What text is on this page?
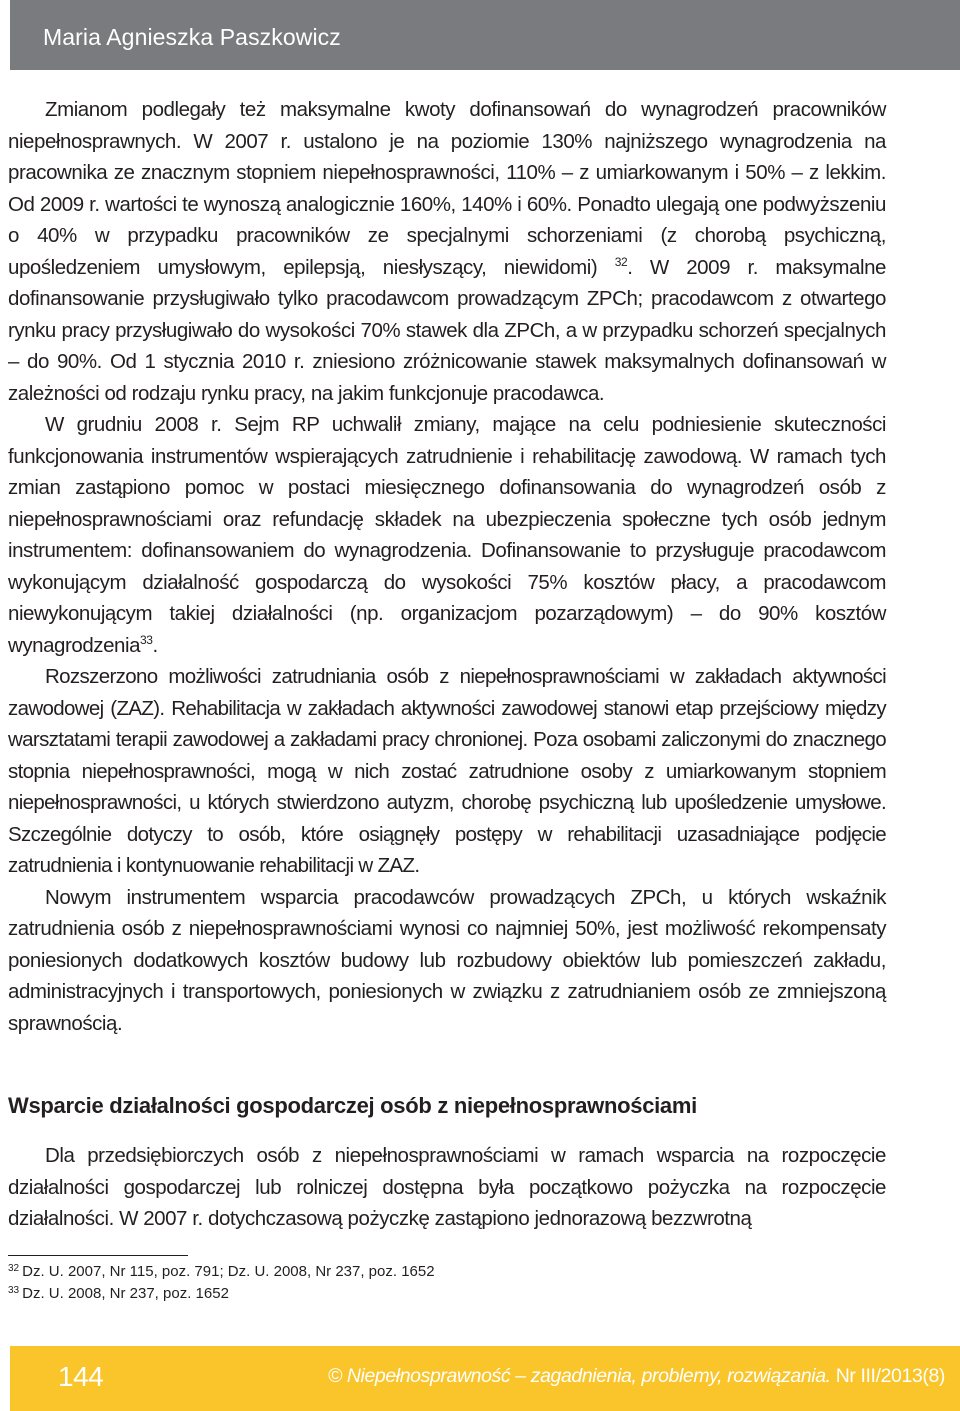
Maria Agnieszka Paszkowicz

Zmianom podlegały też maksymalne kwoty dofinansowań do wynagrodzeń pracowników niepełnosprawnych. W 2007 r. ustalono je na poziomie 130% najniższego wynagrodzenia na pracownika ze znacznym stopniem niepełnosprawności, 110% – z umiarkowanym i 50% – z lekkim. Od 2009 r. wartości te wynoszą analogicznie 160%, 140% i 60%. Ponadto ulegają one podwyższeniu o 40% w przypadku pracowników ze specjalnymi schorzeniami (z chorobą psychiczną, upośledzeniem umysłowym, epilepsją, niesłyszący, niewidomi) $^{32}$. W 2009 r. maksymalne dofinansowanie przysługiwało tylko pracodawcom prowadzącym ZPCh; pracodawcom z otwartego rynku pracy przysługiwało do wysokości 70% stawek dla ZPCh, a w przypadku schorzeń specjalnych – do 90%. Od 1 stycznia 2010 r. zniesiono zróżnicowanie stawek maksymalnych dofinansowań w zależności od rodzaju rynku pracy, na jakim funkcjonuje pracodawca.

W grudniu 2008 r. Sejm RP uchwalił zmiany, mające na celu podniesienie skuteczności funkcjonowania instrumentów wspierających zatrudnienie i rehabilitację zawodową. W ramach tych zmian zastąpiono pomoc w postaci miesięcznego dofinansowania do wynagrodzeń osób z niepełnosprawnościami oraz refundację składek na ubezpieczenia społeczne tych osób jednym instrumentem: dofinansowaniem do wynagrodzenia. Dofinansowanie to przysługuje pracodawcom wykonującym działalność gospodarczą do wysokości 75% kosztów płacy, a pracodawcom niewykonującym takiej działalności (np. organizacjom pozarządowym) – do 90% kosztów wynagrodzenia$^{33}$.

Rozszerzono możliwości zatrudniania osób z niepełnosprawnościami w zakładach aktywności zawodowej (ZAZ). Rehabilitacja w zakładach aktywności zawodowej stanowi etap przejściowy między warsztatami terapii zawodowej a zakładami pracy chronionej. Poza osobami zaliczonymi do znacznego stopnia niepełnosprawności, mogą w nich zostać zatrudnione osoby z umiarkowanym stopniem niepełnosprawności, u których stwierdzono autyzm, chorobę psychiczną lub upośledzenie umysłowe. Szczególnie dotyczy to osób, które osiągnęły postępy w rehabilitacji uzasadniające podjęcie zatrudnienia i kontynuowanie rehabilitacji w ZAZ.

Nowym instrumentem wsparcia pracodawców prowadzących ZPCh, u których wskaźnik zatrudnienia osób z niepełnosprawnościami wynosi co najmniej 50%, jest możliwość rekompensaty poniesionych dodatkowych kosztów budowy lub rozbudowy obiektów lub pomieszczeń zakładu, administracyjnych i transportowych, poniesionych w związku z zatrudnianiem osób ze zmniejszoną sprawnością.

Wsparcie działalności gospodarczej osób z niepełnosprawnościami

Dla przedsiębiorczych osób z niepełnosprawnościami w ramach wsparcia na rozpoczęcie działalności gospodarczej lub rolniczej dostępna była początkowo pożyczka na rozpoczęcie działalności. W 2007 r. dotychczasową pożyczkę zastąpiono jednorazową bezzwrotną

$^{32}$ Dz. U. 2007, Nr 115, poz. 791; Dz. U. 2008, Nr 237, poz. 1652
$^{33}$ Dz. U. 2008, Nr 237, poz. 1652
144	© Niepełnosprawność – zagadnienia, problemy, rozwiązania. Nr III/2013(8)
